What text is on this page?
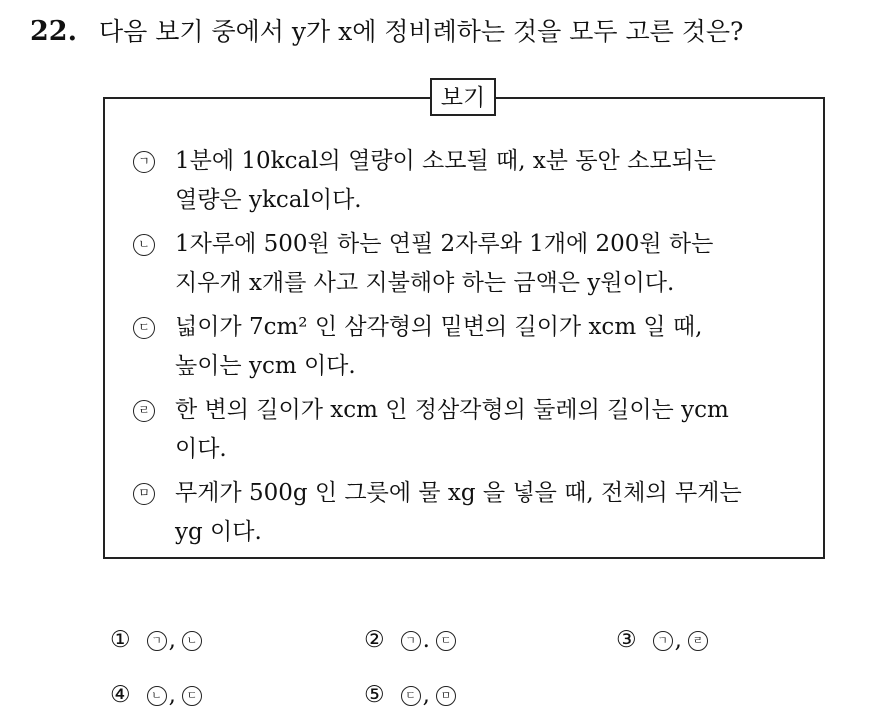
22. 다음 보기 중에서 y가 x에 정비례하는 것을 모두 고른 것은?
보기
ㄱ	1분에 10kcal의 열량이 소모될 때, x분 동안 소모되는
열량은 ykcal이다.
ㄴ	1자루에 500원 하는 연필 2자루와 1개에 200원 하는
지우개 x개를 사고 지불해야 하는 금액은 y원이다.
ㄷ	넓이가 7cm² 인 삼각형의 밑변의 길이가 xcm 일 때,
높이는 ycm 이다.
ㄹ	한 변의 길이가 xcm 인 정삼각형의 둘레의 길이는 ycm
이다.
ㅁ	무게가 500g 인 그릇에 물 xg 을 넣을 때, 전체의 무게는
yg 이다.
① ㄱ , ㄴ	② ㄱ . ㄷ	③ ㄱ , ㄹ
④ ㄴ , ㄷ	⑤ ㄷ , ㅁ
